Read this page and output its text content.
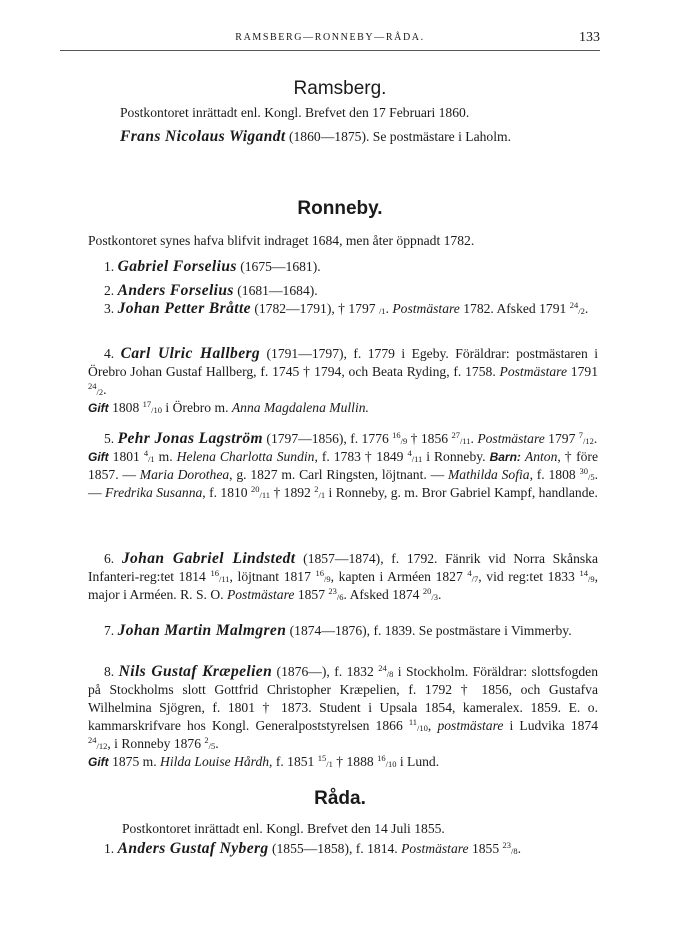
RAMSBERG—RONNEBY—RÅDA.	133
Ramsberg.
Postkontoret inrättadt enl. Kongl. Brefvet den 17 Februari 1860.
Frans Nicolaus Wigandt (1860—1875). Se postmästare i Laholm.
Ronneby.
Postkontoret synes hafva blifvit indraget 1684, men åter öppnadt 1782.
1. Gabriel Forselius (1675—1681).
2. Anders Forselius (1681—1684).
3. Johan Petter Bråtte (1782—1791), † 1797 $_{/1}$. Postmästare 1782. Afsked 1791 $^{24}_{/2}$.
4. Carl Ulric Hallberg (1791—1797), f. 1779 i Egeby. Föräldrar: postmästaren i Örebro Johan Gustaf Hallberg, f. 1745 † 1794, och Beata Ryding, f. 1758. Postmästare 1791 $^{24}_{/2}$.
Gift 1808 $^{17}_{/10}$ i Örebro m. Anna Magdalena Mullin.
5. Pehr Jonas Lagström (1797—1856), f. 1776 $^{16}_{/9}$ † 1856 $^{27}_{/11}$. Postmästare 1797 $^7_{/12}$.
Gift 1801 $^4_{/1}$ m. Helena Charlotta Sundin, f. 1783 † 1849 $^4_{/11}$ i Ronneby. Barn: Anton, † före 1857. — Maria Dorothea, g. 1827 m. Carl Ringsten, löjtnant. — Mathilda Sofia, f. 1808 $^{30}_{/5}$. — Fredrika Susanna, f. 1810 $^{20}_{/11}$ † 1892 $^2_{/1}$ i Ronneby, g. m. Bror Gabriel Kampf, handlande.
6. Johan Gabriel Lindstedt (1857—1874), f. 1792. Fänrik vid Norra Skånska Infanteri-reg:tet 1814 $^{16}_{/11}$, löjtnant 1817 $^{16}_{/9}$, kapten i Arméen 1827 $^4_{/7}$, vid reg:tet 1833 $^{14}_{/9}$, major i Arméen. R. S. O. Postmästare 1857 $^{23}_{/6}$. Afsked 1874 $^{20}_{/3}$.
7. Johan Martin Malmgren (1874—1876), f. 1839. Se postmästare i Vimmerby.
8. Nils Gustaf Kræpelien (1876—), f. 1832 $^{24}_{/8}$ i Stockholm. Föräldrar: slottsfogden på Stockholms slott Gottfrid Christopher Kræpelien, f. 1792 † 1856, och Gustafva Wilhelmina Sjögren, f. 1801 † 1873. Student i Upsala 1854, kameralex. 1859. E. o. kammarskrifvare hos Kongl. Generalpoststyrelsen 1866 $^{11}_{/10}$, postmästare i Ludvika 1874 $^{24}_{/12}$, i Ronneby 1876 $^2_{/5}$.
Gift 1875 m. Hilda Louise Hårdh, f. 1851 $^{15}_{/1}$ † 1888 $^{16}_{/10}$ i Lund.
Råda.
Postkontoret inrättadt enl. Kongl. Brefvet den 14 Juli 1855.
1. Anders Gustaf Nyberg (1855—1858), f. 1814. Postmästare 1855 $^{23}_{/8}$.
